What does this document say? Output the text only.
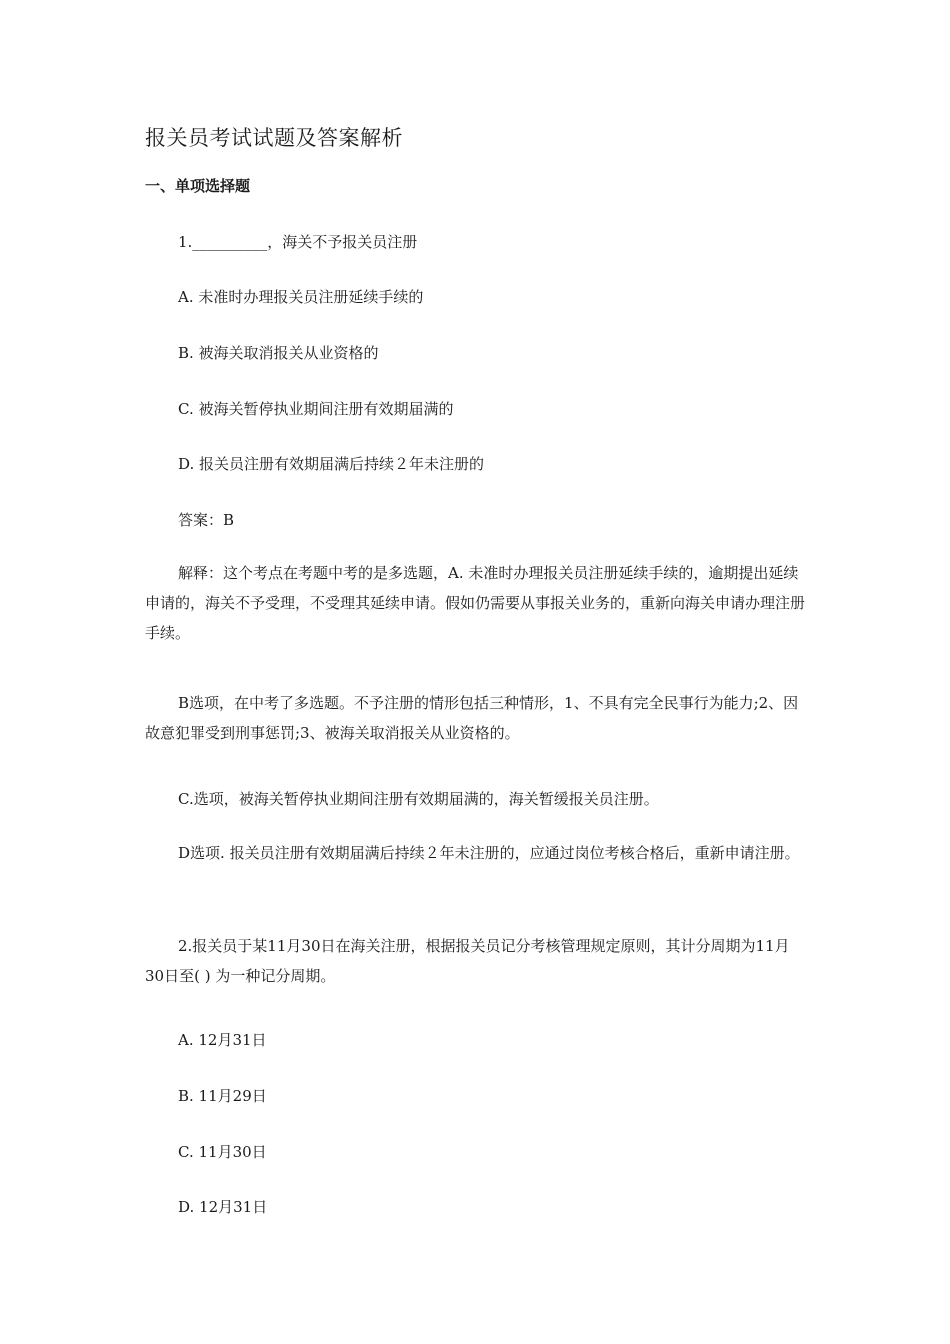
报关员考试试题及答案解析
一、单项选择题

1.__________，海关不予报关员注册

A. 未准时办理报关员注册延续手续的

B. 被海关取消报关从业资格的

C. 被海关暂停执业期间注册有效期届满的

D. 报关员注册有效期届满后持续２年未注册的

答案：B

解释：这个考点在考题中考的是多选题，A. 未准时办理报关员注册延续手续的，逾期提出延续申请的，海关不予受理，不受理其延续申请。假如仍需要从事报关业务的，重新向海关申请办理注册手续。

B选项，在中考了多选题。不予注册的情形包括三种情形，1、不具有完全民事行为能力;2、因故意犯罪受到刑事惩罚;3、被海关取消报关从业资格的。

C.选项，被海关暂停执业期间注册有效期届满的，海关暂缓报关员注册。

D选项. 报关员注册有效期届满后持续２年未注册的，应通过岗位考核合格后，重新申请注册。

2.报关员于某11月30日在海关注册，根据报关员记分考核管理规定原则，其计分周期为11月30日至( ) 为一种记分周期。

A. 12月31日

B. 11月29日

C. 11月30日

D. 12月31日
